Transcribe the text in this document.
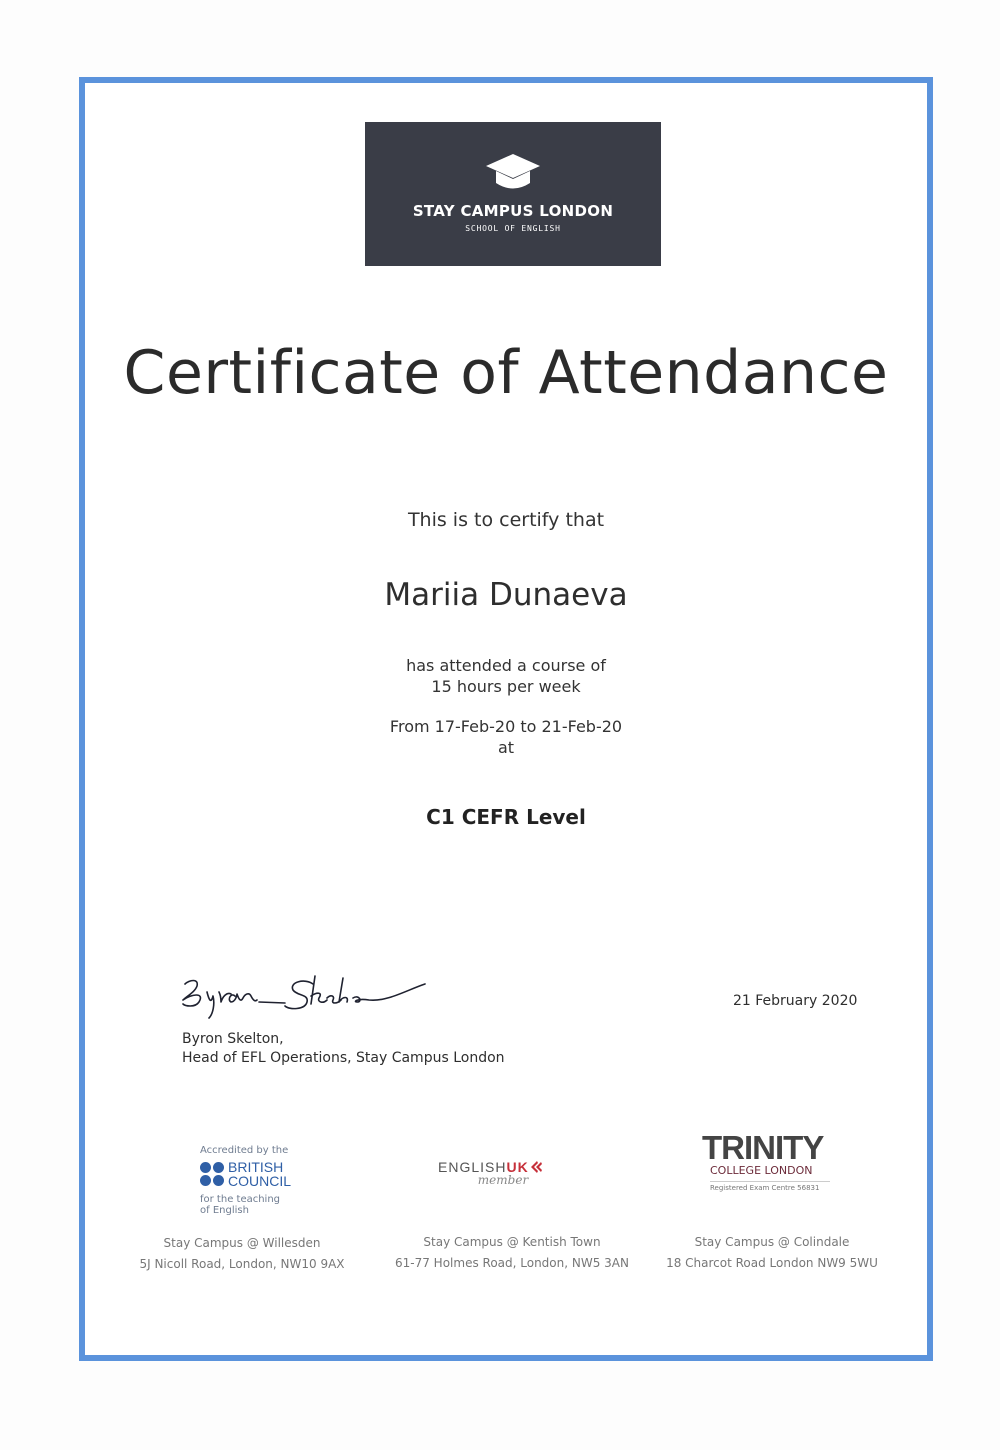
STAY CAMPUS LONDON
SCHOOL OF ENGLISH
Certificate of Attendance
This is to certify that
Mariia Dunaeva
has attended a course of
15 hours per week
From 17-Feb-20 to 21-Feb-20
at
C1 CEFR Level
Byron Skelton,
Head of EFL Operations, Stay Campus London
21 February 2020
Accredited by the
BRITISH
COUNCIL
for the teaching
of English
ENGLISHUK
member
TRINITY
COLLEGE LONDON
Registered Exam Centre 56831
Stay Campus @ Willesden
5J Nicoll Road, London, NW10 9AX
Stay Campus @ Kentish Town
61-77 Holmes Road, London, NW5 3AN
Stay Campus @ Colindale
18 Charcot Road London NW9 5WU
